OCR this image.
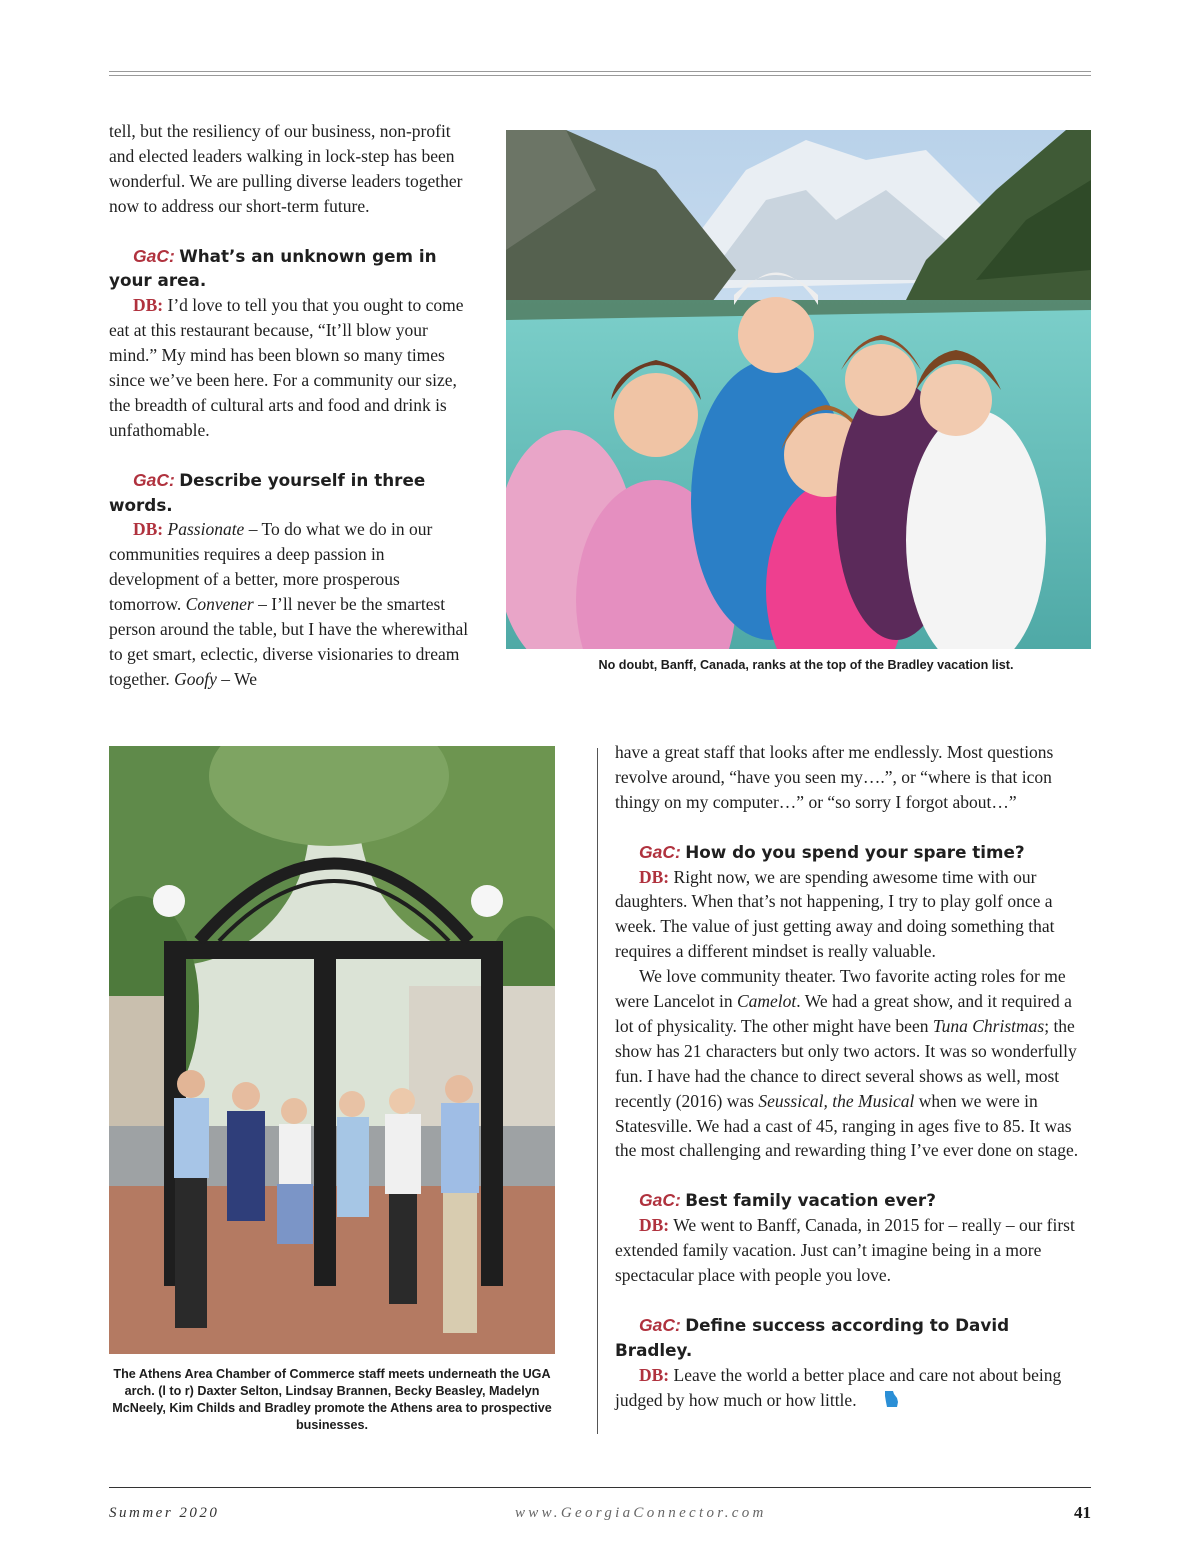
tell, but the resiliency of our business, non-profit and elected leaders walking in lock-step has been wonderful. We are pulling diverse leaders together now to address our short-term future.

GaC: What’s an unknown gem in your area.

DB: I’d love to tell you that you ought to come eat at this restaurant because, “It’ll blow your mind.” My mind has been blown so many times since we’ve been here. For a community our size, the breadth of cultural arts and food and drink is unfathomable.

GaC: Describe yourself in three words.

DB: Passionate – To do what we do in our communities requires a deep passion in development of a better, more prosperous tomorrow. Convener – I’ll never be the smartest person around the table, but I have the wherewithal to get smart, eclectic, diverse visionaries to dream together. Goofy – We

No doubt, Banff, Canada, ranks at the top of the Bradley vacation list.
The Athens Area Chamber of Commerce staff meets underneath the UGA arch. (l to r) Daxter Selton, Lindsay Brannen, Becky Beasley, Madelyn McNeely, Kim Childs and Bradley promote the Athens area to prospective businesses.

have a great staff that looks after me endlessly. Most questions revolve around, “have you seen my….”, or “where is that icon thingy on my computer…” or “so sorry I forgot about…”

GaC: How do you spend your spare time?

DB: Right now, we are spending awesome time with our daughters. When that’s not happening, I try to play golf once a week. The value of just getting away and doing something that requires a different mindset is really valuable.

We love community theater. Two favorite acting roles for me were Lancelot in Camelot. We had a great show, and it required a lot of physicality. The other might have been Tuna Christmas; the show has 21 characters but only two actors. It was so wonderfully fun. I have had the chance to direct several shows as well, most recently (2016) was Seussical, the Musical when we were in Statesville. We had a cast of 45, ranging in ages five to 85. It was the most challenging and rewarding thing I’ve ever done on stage.

GaC: Best family vacation ever?

DB: We went to Banff, Canada, in 2015 for – really – our first extended family vacation. Just can’t imagine being in a more spectacular place with people you love.

GaC: Define success according to David Bradley.

DB: Leave the world a better place and care not about being judged by how much or how little.

Summer 2020	www.GeorgiaConnector.com	41
